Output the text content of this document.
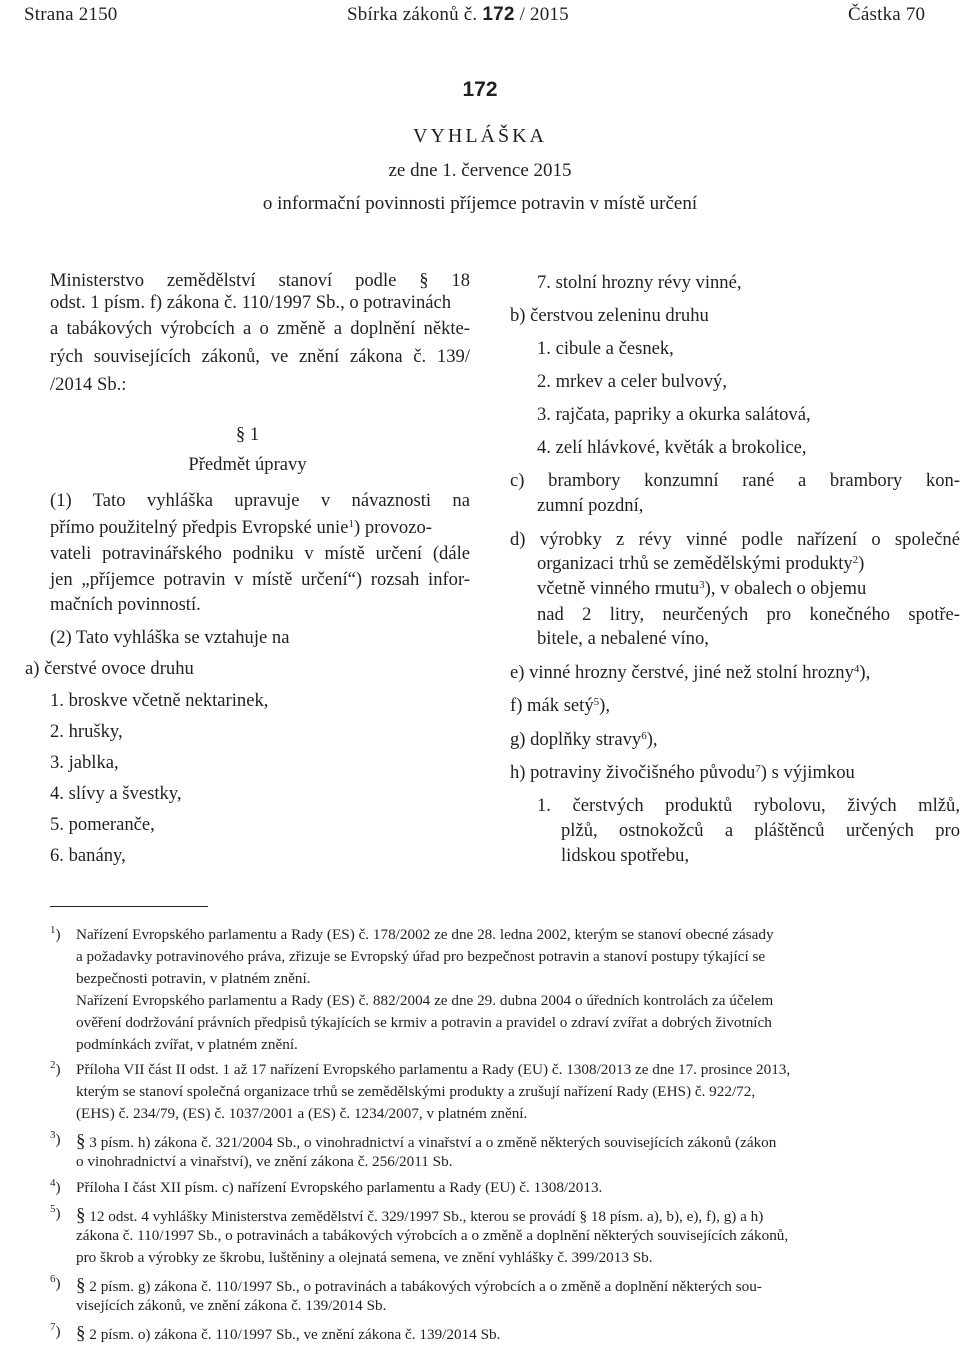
Strana 2150	Sbírka zákonů č. 172 / 2015	Částka 70
172
VYHLÁŠKA
ze dne 1. července 2015
o informační povinnosti příjemce potravin v místě určení
Ministerstvo zemědělství stanoví podle § 18
odst. 1 písm. f) zákona č. 110/1997 Sb., o potravinách
a tabákových výrobcích a o změně a doplnění někte-
rých souvisejících zákonů, ve znění zákona č. 139/
/2014 Sb.:
§ 1
Předmět úpravy
(1) Tato vyhláška upravuje v návaznosti na
přímo použitelný předpis Evropské unie$^1$) provozo-
vateli potravinářského podniku v místě určení (dále
jen „příjemce potravin v místě určení“) rozsah infor-
mačních povinností.
(2) Tato vyhláška se vztahuje na
a) čerstvé ovoce druhu
1. broskve včetně nektarinek,
2. hrušky,
3. jablka,
4. slívy a švestky,
5. pomeranče,
6. banány,
7. stolní hrozny révy vinné,
b) čerstvou zeleninu druhu
1. cibule a česnek,
2. mrkev a celer bulvový,
3. rajčata, papriky a okurka salátová,
4. zelí hlávkové, květák a brokolice,
c) brambory konzumní rané a brambory kon-
zumní pozdní,
d) výrobky z révy vinné podle nařízení o společné
organizaci trhů se zemědělskými produkty$^2$)
včetně vinného rmutu$^3$), v obalech o objemu
nad 2 litry, neurčených pro konečného spotře-
bitele, a nebalené víno,
e) vinné hrozny čerstvé, jiné než stolní hrozny$^4$),
f) mák setý$^5$),
g) doplňky stravy$^6$),
h) potraviny živočišného původu$^7$) s výjimkou
1. čerstvých produktů rybolovu, živých mlžů,
plžů, ostnokožců a pláštěnců určených pro
lidskou spotřebu,
$^1$) Nařízení Evropského parlamentu a Rady (ES) č. 178/2002 ze dne 28. ledna 2002, kterým se stanoví obecné zásady
a požadavky potravinového práva, zřizuje se Evropský úřad pro bezpečnost potravin a stanoví postupy týkající se
bezpečnosti potravin, v platném znění.
Nařízení Evropského parlamentu a Rady (ES) č. 882/2004 ze dne 29. dubna 2004 o úředních kontrolách za účelem
ověření dodržování právních předpisů týkajících se krmiv a potravin a pravidel o zdraví zvířat a dobrých životních
podmínkách zvířat, v platném znění.
$^2$) Příloha VII část II odst. 1 až 17 nařízení Evropského parlamentu a Rady (EU) č. 1308/2013 ze dne 17. prosince 2013,
kterým se stanoví společná organizace trhů se zemědělskými produkty a zrušují nařízení Rady (EHS) č. 922/72,
(EHS) č. 234/79, (ES) č. 1037/2001 a (ES) č. 1234/2007, v platném znění.
$^3$) § 3 písm. h) zákona č. 321/2004 Sb., o vinohradnictví a vinařství a o změně některých souvisejících zákonů (zákon
o vinohradnictví a vinařství), ve znění zákona č. 256/2011 Sb.
$^4$) Příloha I část XII písm. c) nařízení Evropského parlamentu a Rady (EU) č. 1308/2013.
$^5$) § 12 odst. 4 vyhlášky Ministerstva zemědělství č. 329/1997 Sb., kterou se provádí § 18 písm. a), b), e), f), g) a h)
zákona č. 110/1997 Sb., o potravinách a tabákových výrobcích a o změně a doplnění některých souvisejících zákonů,
pro škrob a výrobky ze škrobu, luštěniny a olejnatá semena, ve znění vyhlášky č. 399/2013 Sb.
$^6$) § 2 písm. g) zákona č. 110/1997 Sb., o potravinách a tabákových výrobcích a o změně a doplnění některých sou-
visejících zákonů, ve znění zákona č. 139/2014 Sb.
$^7$) § 2 písm. o) zákona č. 110/1997 Sb., ve znění zákona č. 139/2014 Sb.
